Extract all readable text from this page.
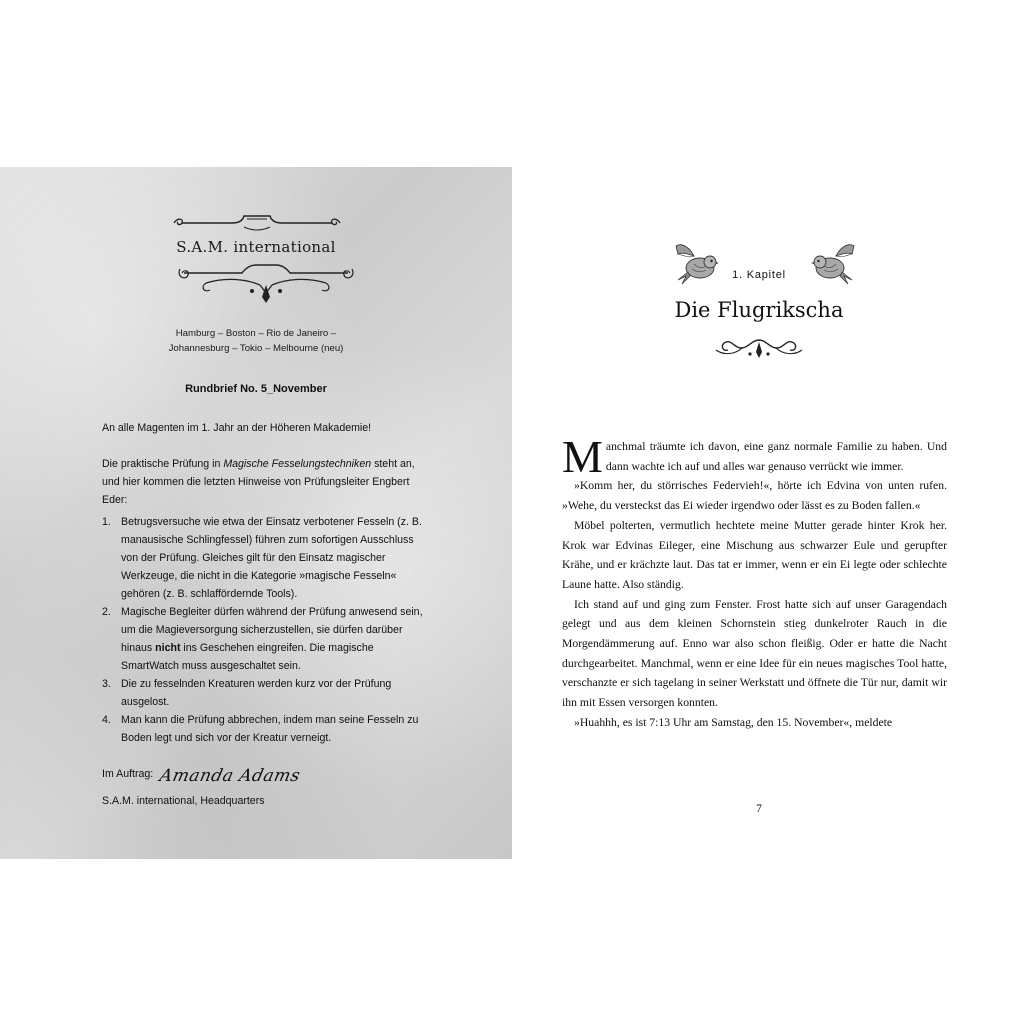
S.A.M. international
Hamburg – Boston – Rio de Janeiro –
Johannesburg – Tokio – Melbourne (neu)
Rundbrief No. 5_November

An alle Magenten im 1. Jahr an der Höheren Makademie!

Die praktische Prüfung in Magische Fesselungstechniken steht an, und hier kommen die letzten Hinweise von Prüfungsleiter Engbert Eder:

1. Betrugsversuche wie etwa der Einsatz verbotener Fesseln (z. B. manausische Schlingfessel) führen zum sofortigen Ausschluss von der Prüfung. Gleiches gilt für den Einsatz magischer Werkzeuge, die nicht in die Kategorie »magische Fesseln« gehören (z. B. schlaffördernde Tools).
2. Magische Begleiter dürfen während der Prüfung anwesend sein, um die Magieversorgung sicherzustellen, sie dürfen darüber hinaus nicht ins Geschehen eingreifen. Die magische SmartWatch muss ausgeschaltet sein.
3. Die zu fesselnden Kreaturen werden kurz vor der Prüfung ausgelost.
4. Man kann die Prüfung abbrechen, indem man seine Fesseln zu Boden legt und sich vor der Kreatur verneigt.
Im Auftrag: Amanda Adams
S.A.M. international, Headquarters
1. Kapitel
Die Flugrikscha

Manchmal träumte ich davon, eine ganz normale Familie zu haben. Und dann wachte ich auf und alles war genauso verrückt wie immer.

»Komm her, du störrisches Federvieh!«, hörte ich Edvina von unten rufen. »Wehe, du versteckst das Ei wieder irgendwo oder lässt es zu Boden fallen.«

Möbel polterten, vermutlich hechtete meine Mutter gerade hinter Krok her. Krok war Edvinas Eileger, eine Mischung aus schwarzer Eule und gerupfter Krähe, und er krächzte laut. Das tat er immer, wenn er ein Ei legte oder schlechte Laune hatte. Also ständig.

Ich stand auf und ging zum Fenster. Frost hatte sich auf unser Garagendach gelegt und aus dem kleinen Schornstein stieg dunkelroter Rauch in die Morgendämmerung auf. Enno war also schon fleißig. Oder er hatte die Nacht durchgearbeitet. Manchmal, wenn er eine Idee für ein neues magisches Tool hatte, verschanzte er sich tagelang in seiner Werkstatt und öffnete die Tür nur, damit wir ihn mit Essen versorgen konnten.

»Huahhh, es ist 7:13 Uhr am Samstag, den 15. November«, meldete

7
